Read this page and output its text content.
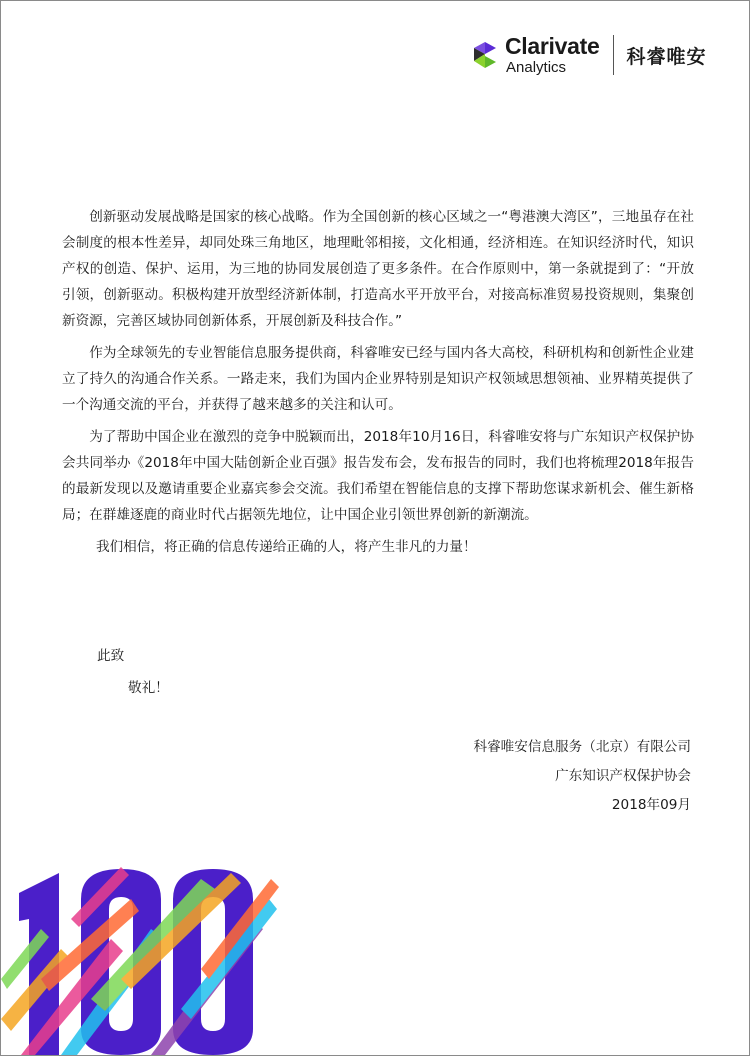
Clarivate
Analytics	科睿唯安

创新驱动发展战略是国家的核心战略。作为全国创新的核心区域之一“粤港澳大湾区”，三地虽存在社会制度的根本性差异，却同处珠三角地区，地理毗邻相接，文化相通，经济相连。在知识经济时代，知识产权的创造、保护、运用，为三地的协同发展创造了更多条件。在合作原则中，第一条就提到了：“开放引领，创新驱动。积极构建开放型经济新体制，打造高水平开放平台，对接高标准贸易投资规则，集聚创新资源，完善区域协同创新体系，开展创新及科技合作。”

作为全球领先的专业智能信息服务提供商，科睿唯安已经与国内各大高校，科研机构和创新性企业建立了持久的沟通合作关系。一路走来，我们为国内企业界特别是知识产权领域思想领袖、业界精英提供了一个沟通交流的平台，并获得了越来越多的关注和认可。

为了帮助中国企业在激烈的竞争中脱颖而出，2018年10月16日，科睿唯安将与广东知识产权保护协会共同举办《2018年中国大陆创新企业百强》报告发布会，发布报告的同时，我们也将梳理2018年报告的最新发现以及邀请重要企业嘉宾参会交流。我们希望在智能信息的支撑下帮助您谋求新机会、催生新格局；在群雄逐鹿的商业时代占据领先地位，让中国企业引领世界创新的新潮流。

我们相信，将正确的信息传递给正确的人，将产生非凡的力量！

此致
敬礼！
科睿唯安信息服务（北京）有限公司
广东知识产权保护协会
2018年09月
